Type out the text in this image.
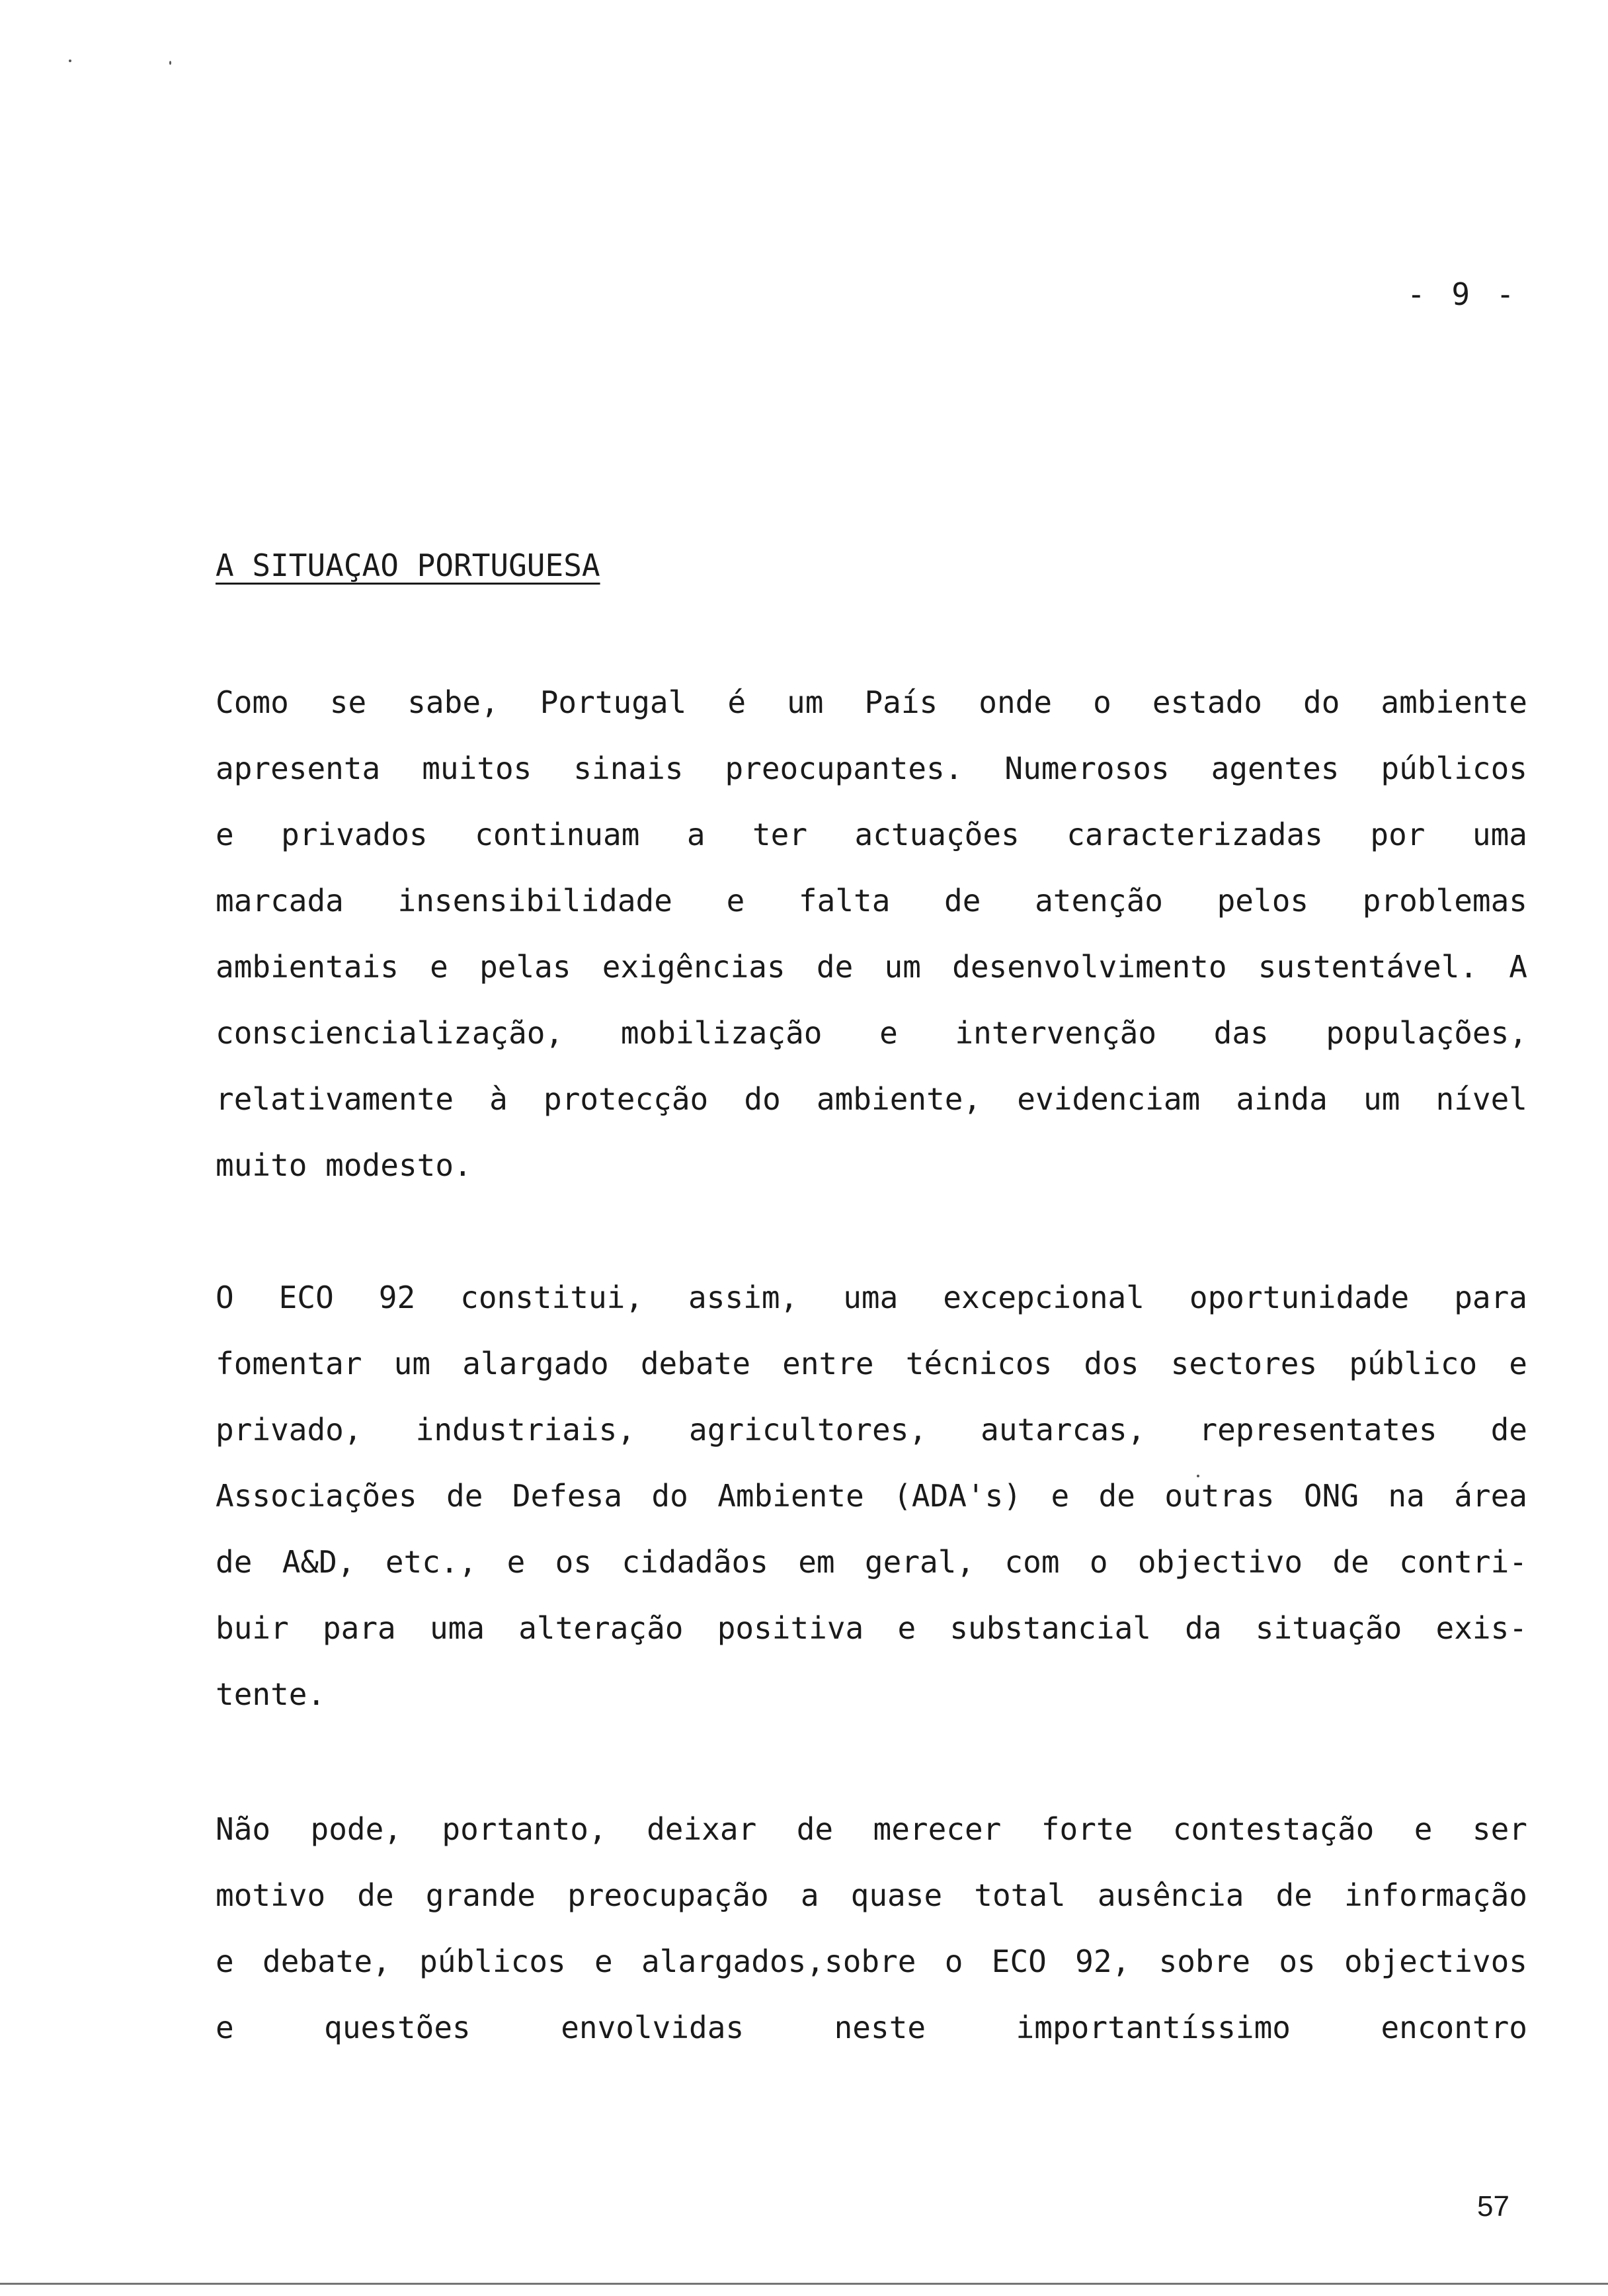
- 9 -
A SITUAÇAO PORTUGUESA
Como se sabe, Portugal é um País onde o estado do ambiente
apresenta muitos sinais preocupantes. Numerosos agentes públicos
e privados continuam a ter actuações caracterizadas por uma
marcada insensibilidade e falta de atenção pelos problemas
ambientais e pelas exigências de um desenvolvimento sustentável. A
consciencialização, mobilização e intervenção das populações,
relativamente à protecção do ambiente, evidenciam ainda um nível
muito modesto.
O ECO 92 constitui, assim, uma excepcional oportunidade para
fomentar um alargado debate entre técnicos dos sectores público e
privado, industriais, agricultores, autarcas, representates de
Associações de Defesa do Ambiente (ADA's) e de outras ONG na área
de A&D, etc., e os cidadãos em geral, com o objectivo de contri-
buir para uma alteração positiva e substancial da situação exis-
tente.
Não pode, portanto, deixar de merecer forte contestação e ser
motivo de grande preocupação a quase total ausência de informação
e debate, públicos e alargados,sobre o ECO 92, sobre os objectivos
e questões envolvidas neste importantíssimo encontro
57
